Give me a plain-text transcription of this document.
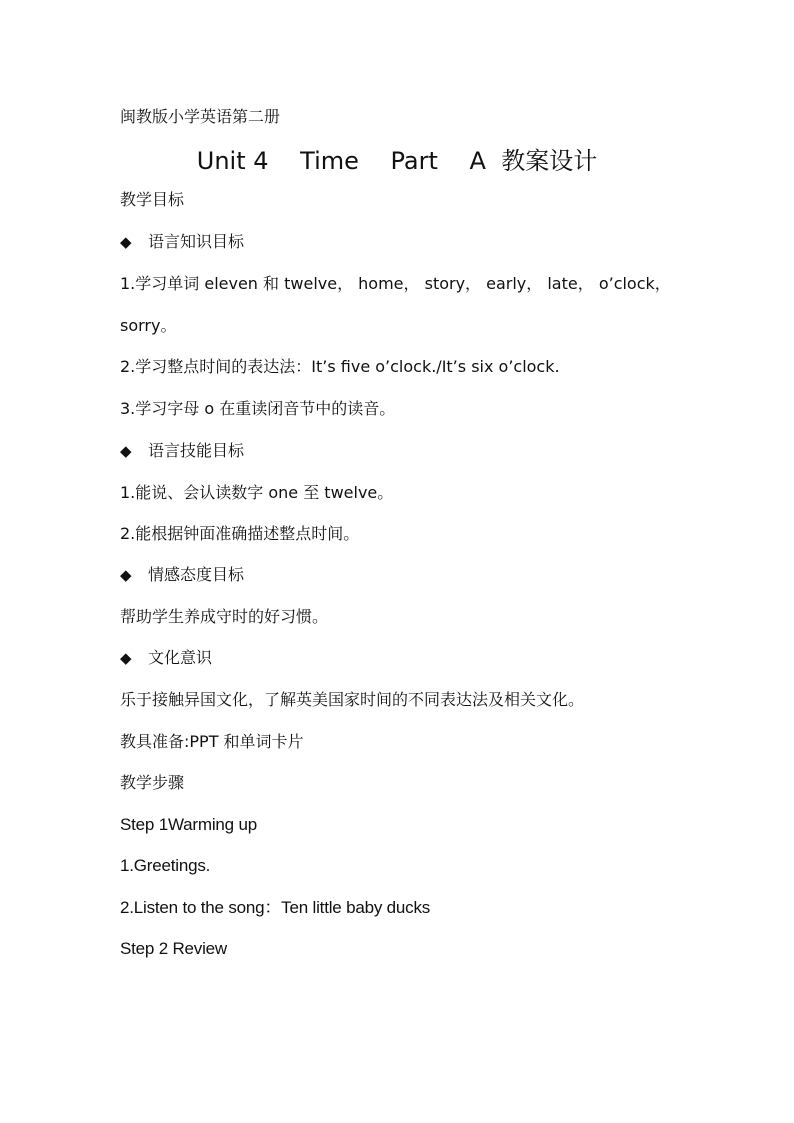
闽教版小学英语第二册
Unit 4　 Time　 Part　 A  教案设计
教学目标
◆ 语言知识目标
1.学习单词 eleven 和 twelve， home， story， early， late， o’clock，
sorry。
2.学习整点时间的表达法：It’s five o’clock./It’s six o’clock.
3.学习字母 o 在重读闭音节中的读音。
◆ 语言技能目标
1.能说、会认读数字 one 至 twelve。
2.能根据钟面准确描述整点时间。
◆ 情感态度目标
帮助学生养成守时的好习惯。
◆ 文化意识
乐于接触异国文化，了解英美国家时间的不同表达法及相关文化。
教具准备:PPT 和单词卡片
教学步骤
Step 1Warming up
1.Greetings.
2.Listen to the song：Ten little baby ducks
Step 2 Review
